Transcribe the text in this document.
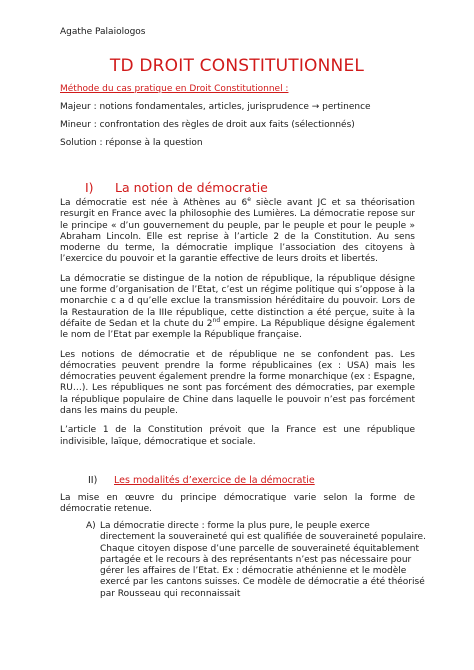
Agathe Palaiologos
TD DROIT CONSTITUTIONNEL
Méthode du cas pratique en Droit Constitutionnel :

Majeur : notions fondamentales, articles, jurisprudence → pertinence

Mineur : confrontation des règles de droit aux faits (sélectionnés)

Solution : réponse à la question

I) La notion de démocratie

La démocratie est née à Athènes au 6e siècle avant JC et sa théorisation resurgit en France avec la philosophie des Lumières. La démocratie repose sur le principe « d’un gouvernement du peuple, par le peuple et pour le peuple » Abraham Lincoln. Elle est reprise à l’article 2 de la Constitution. Au sens moderne du terme, la démocratie implique l’association des citoyens à l’exercice du pouvoir et la garantie effective de leurs droits et libertés.

La démocratie se distingue de la notion de république, la république désigne une forme d’organisation de l’Etat, c’est un régime politique qui s’oppose à la monarchie c a d qu’elle exclue la transmission héréditaire du pouvoir. Lors de la Restauration de la IIIe république, cette distinction a été perçue, suite à la défaite de Sedan et la chute du 2nd empire. La République désigne également le nom de l’Etat par exemple la République française.

Les notions de démocratie et de république ne se confondent pas. Les démocraties peuvent prendre la forme républicaines (ex : USA) mais les démocraties peuvent également prendre la forme monarchique (ex : Espagne, RU…). Les républiques ne sont pas forcément des démocraties, par exemple la république populaire de Chine dans laquelle le pouvoir n’est pas forcément dans les mains du peuple.

L’article 1 de la Constitution prévoit que la France est une république indivisible, laïque, démocratique et sociale.

II) Les modalités d’exercice de la démocratie

La mise en œuvre du principe démocratique varie selon la forme de démocratie retenue.

A) La démocratie directe : forme la plus pure, le peuple exerce directement la souveraineté qui est qualifiée de souveraineté populaire. Chaque citoyen dispose d’une parcelle de souveraineté équitablement partagée et le recours à des représentants n’est pas nécessaire pour gérer les affaires de l’Etat. Ex : démocratie athénienne et le modèle exercé par les cantons suisses. Ce modèle de démocratie a été théorisé par Rousseau qui reconnaissait
